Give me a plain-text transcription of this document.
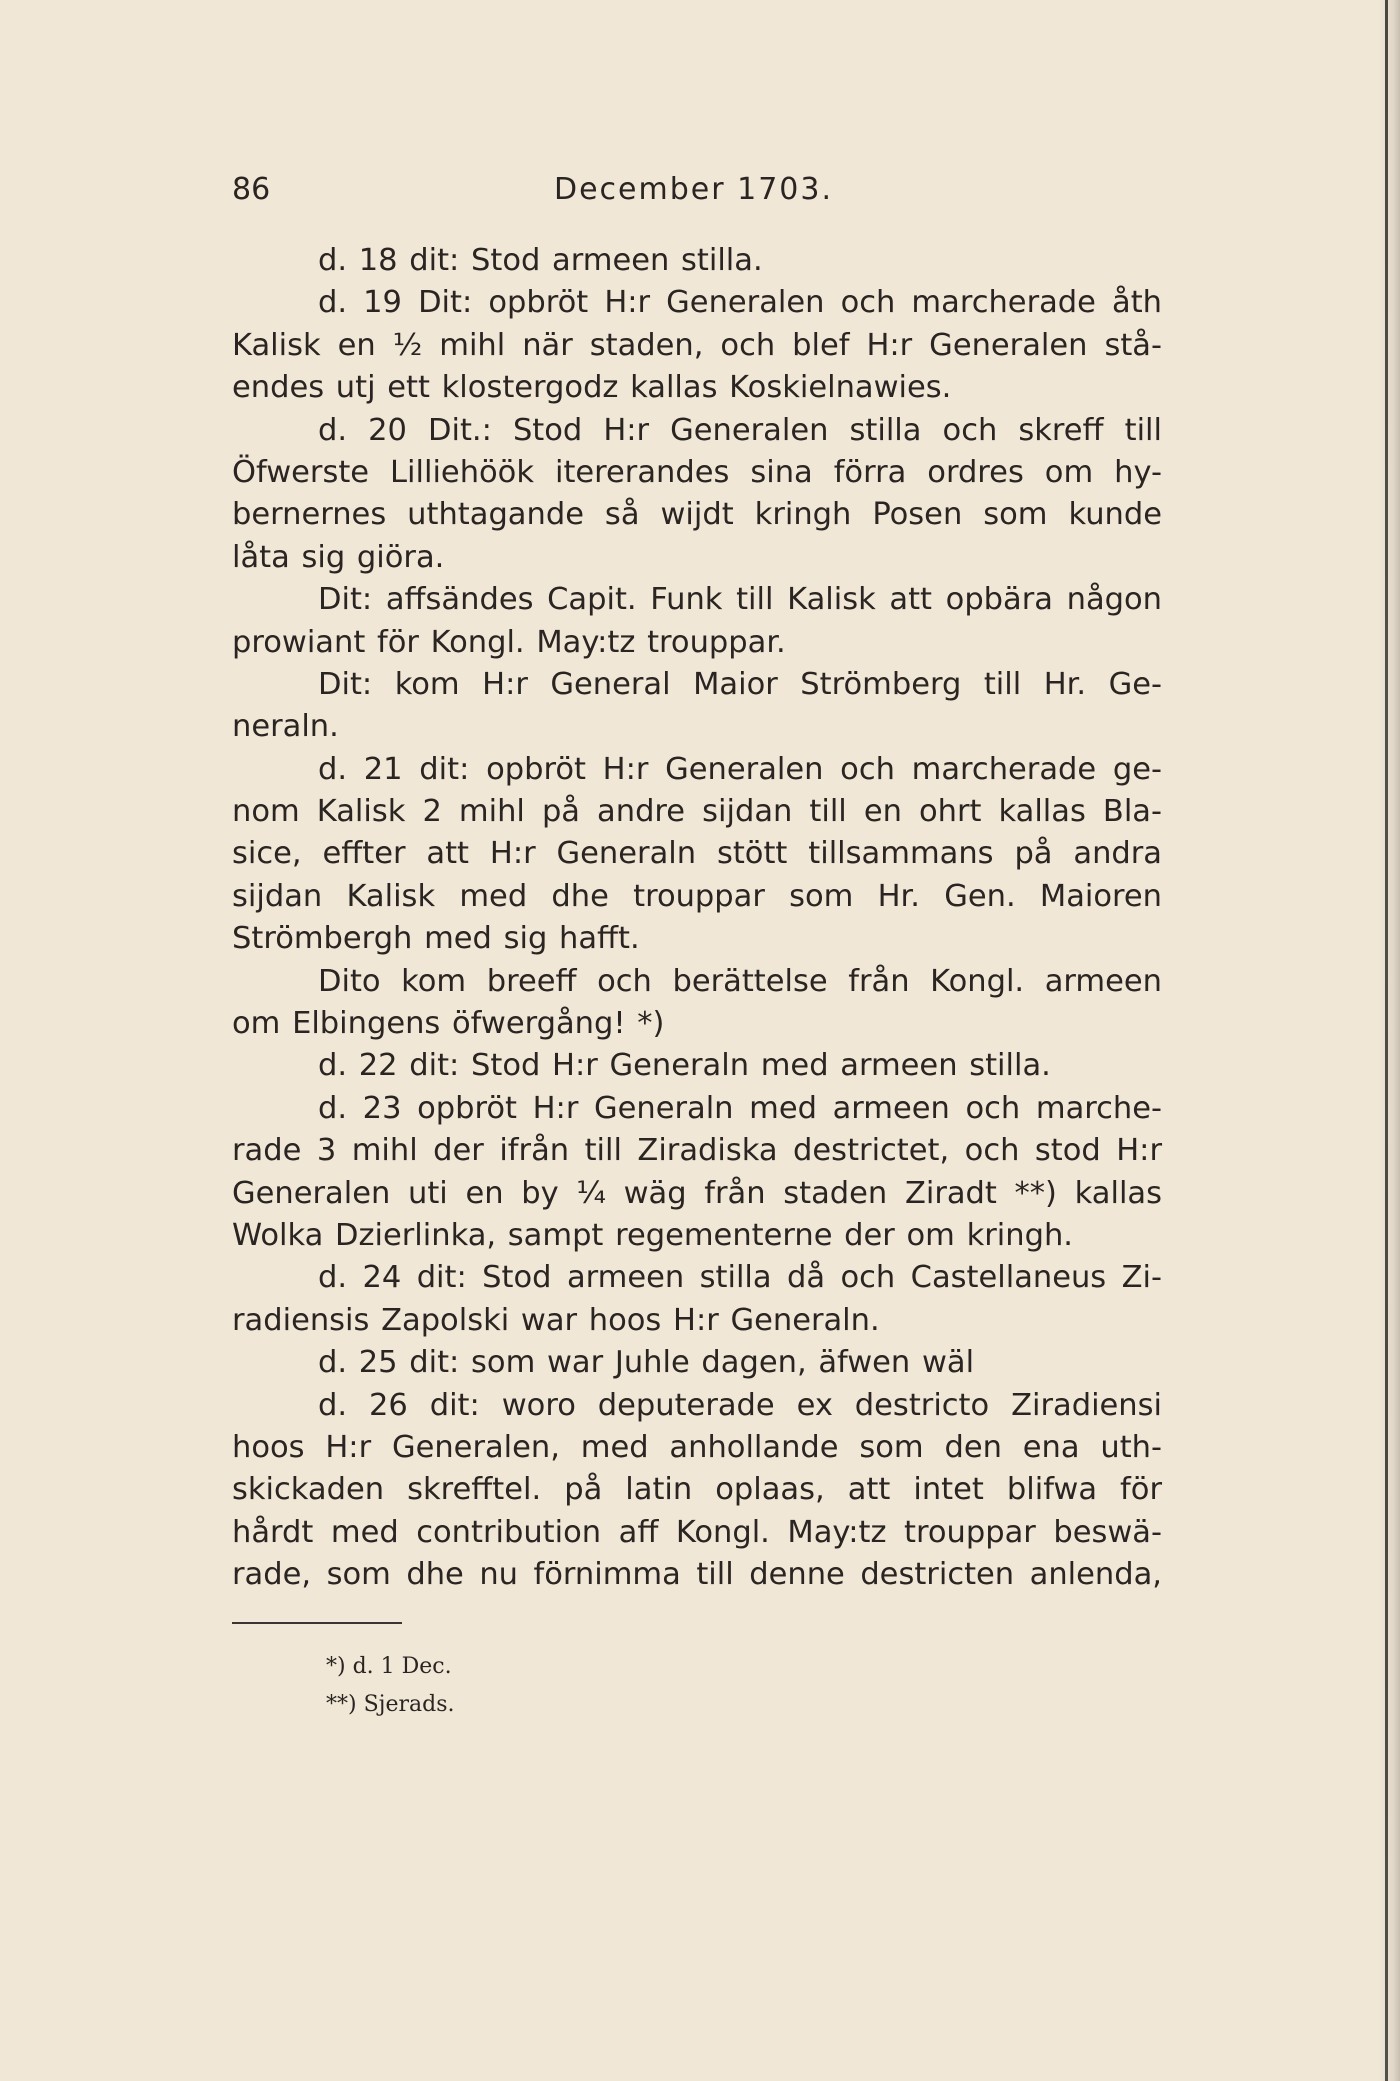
86	December 1703.
d. 18 dit: Stod armeen stilla.
d. 19 Dit: opbröt H:r Generalen och marcherade åth
Kalisk en ½ mihl när staden, och blef H:r Generalen stå-
endes utj ett klostergodz kallas Koskielnawies.
d. 20 Dit.: Stod H:r Generalen stilla och skreff till
Öfwerste Lilliehöök itererandes sina förra ordres om hy-
bernernes uthtagande så wijdt kringh Posen som kunde
låta sig giöra.
Dit: affsändes Capit. Funk till Kalisk att opbära någon
prowiant för Kongl. May:tz trouppar.
Dit: kom H:r General Maior Strömberg till Hr. Ge-
neraln.
d. 21 dit: opbröt H:r Generalen och marcherade ge-
nom Kalisk 2 mihl på andre sijdan till en ohrt kallas Bla-
sice, effter att H:r Generaln stött tillsammans på andra
sijdan Kalisk med dhe trouppar som Hr. Gen. Maioren
Strömbergh med sig hafft.
Dito kom breeff och berättelse från Kongl. armeen
om Elbingens öfwergång! *)
d. 22 dit: Stod H:r Generaln med armeen stilla.
d. 23 opbröt H:r Generaln med armeen och marche-
rade 3 mihl der ifrån till Ziradiska destrictet, och stod H:r
Generalen uti en by ¼ wäg från staden Ziradt **) kallas
Wolka Dzierlinka, sampt regementerne der om kringh.
d. 24 dit: Stod armeen stilla då och Castellaneus Zi-
radiensis Zapolski war hoos H:r Generaln.
d. 25 dit: som war Juhle dagen, äfwen wäl
d. 26 dit: woro deputerade ex destricto Ziradiensi
hoos H:r Generalen, med anhollande som den ena uth-
skickaden skrefftel. på latin oplaas, att intet blifwa för
hårdt med contribution aff Kongl. May:tz trouppar beswä-
rade, som dhe nu förnimma till denne destricten anlenda,
*) d. 1 Dec.
**) Sjerads.
